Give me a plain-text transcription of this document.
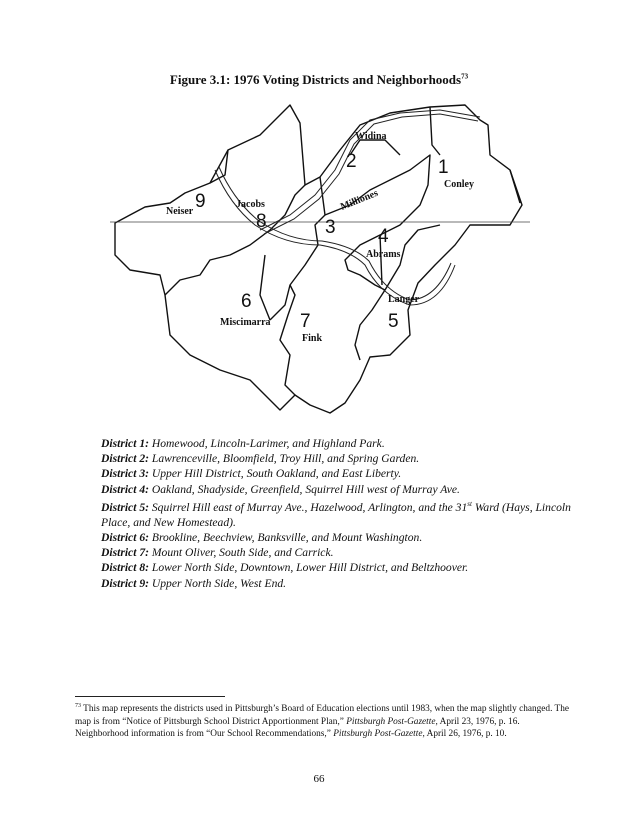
Figure 3.1: 1976 Voting Districts and Neighborhoods$^{73}$
1
Conley
2
Widina
3
Milliones
4
Abrams
5
Langer
6
Miscimarra 7
Fink
8
Jacobs
9
Neiser
District 1: Homewood, Lincoln-Larimer, and Highland Park.
District 2: Lawrenceville, Bloomfield, Troy Hill, and Spring Garden.
District 3: Upper Hill District, South Oakland, and East Liberty.
District 4: Oakland, Shadyside, Greenfield, Squirrel Hill west of Murray Ave.
District 5: Squirrel Hill east of Murray Ave., Hazelwood, Arlington, and the 31st Ward (Hays, Lincoln Place, and New Homestead).
District 6: Brookline, Beechview, Banksville, and Mount Washington.
District 7: Mount Oliver, South Side, and Carrick.
District 8: Lower North Side, Downtown, Lower Hill District, and Beltzhoover.
District 9: Upper North Side, West End.
$^{73}$ This map represents the districts used in Pittsburgh’s Board of Education elections until 1983, when the map slightly changed. The map is from “Notice of Pittsburgh School District Apportionment Plan,” Pittsburgh Post-Gazette, April 23, 1976, p. 16. Neighborhood information is from “Our School Recommendations,” Pittsburgh Post-Gazette, April 26, 1976, p. 10.
66
